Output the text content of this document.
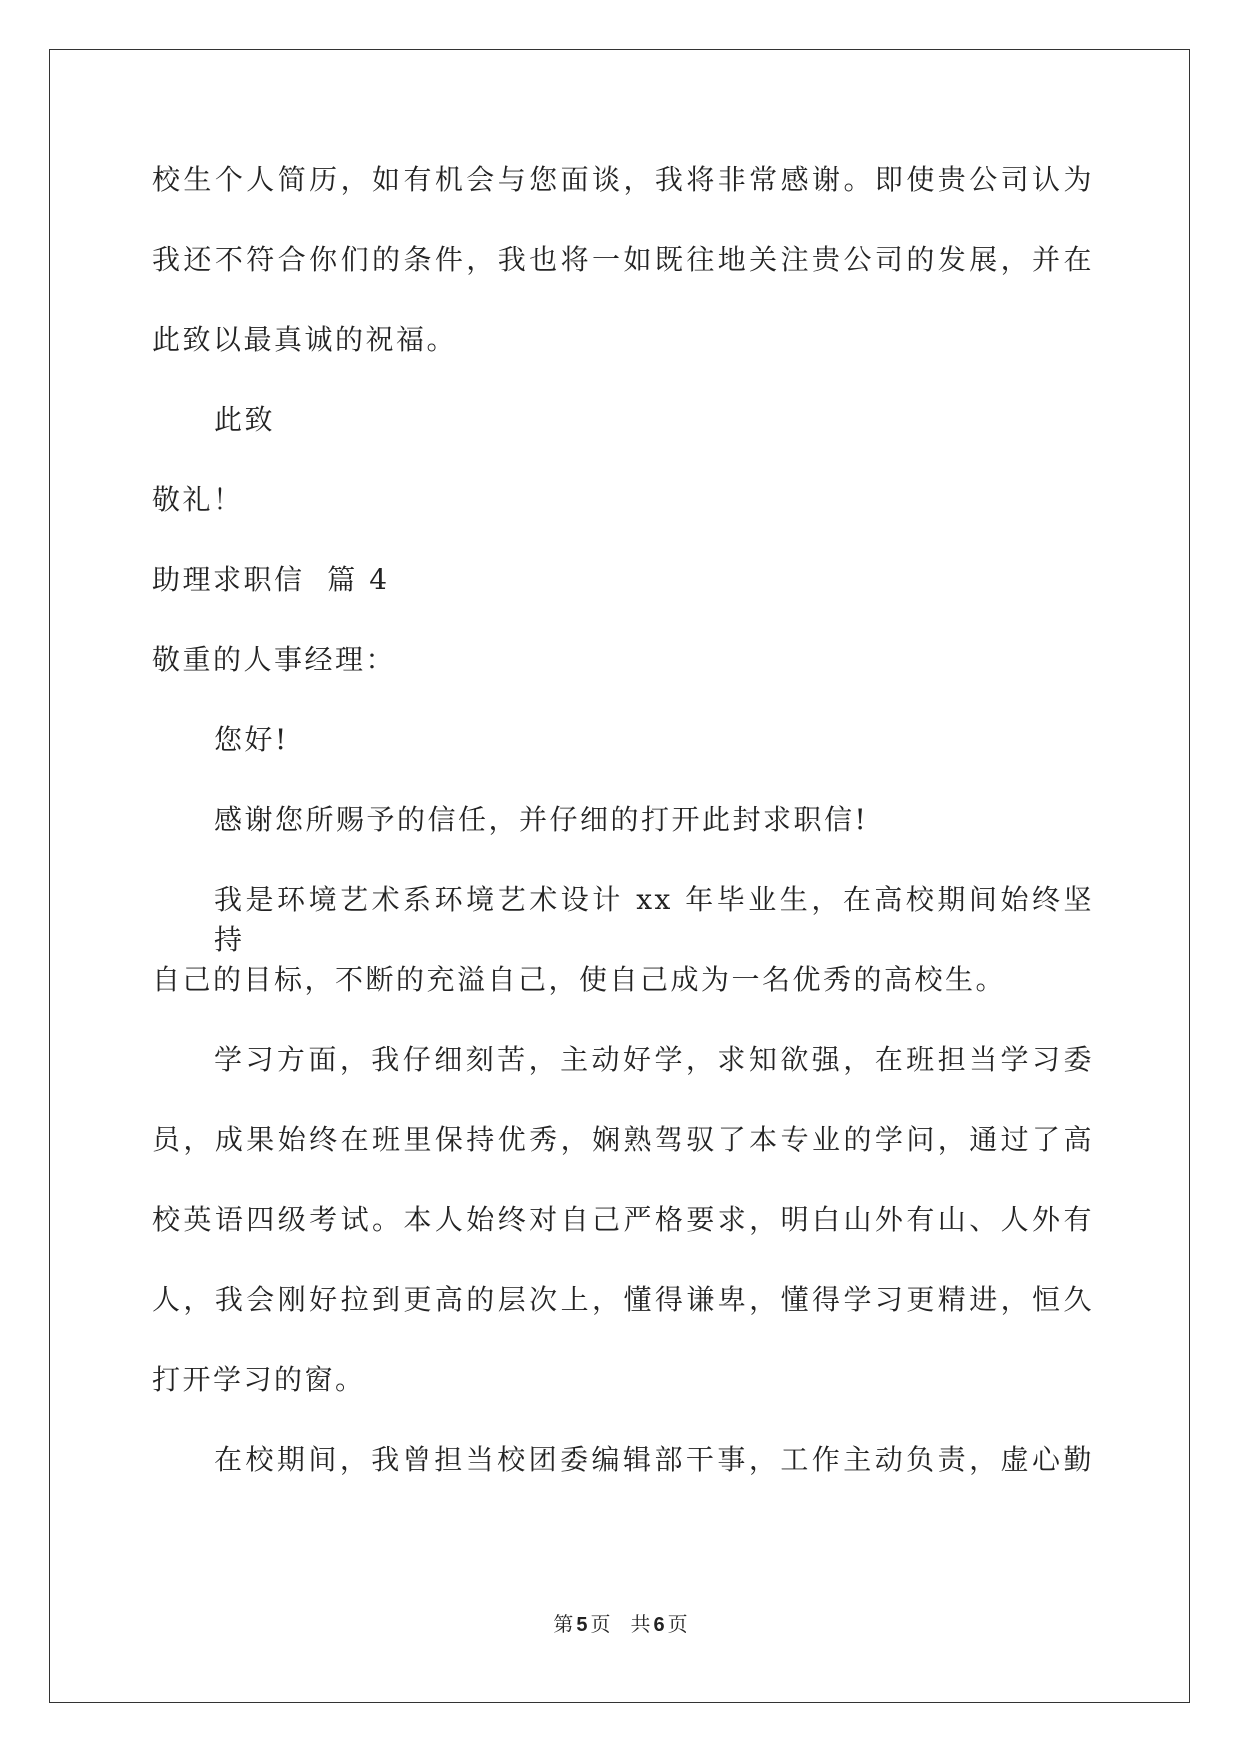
校生个人简历，如有机会与您面谈，我将非常感谢。即使贵公司认为
我还不符合你们的条件，我也将一如既往地关注贵公司的发展，并在
此致以最真诚的祝福。
此致
敬礼！
助理求职信  篇 4
敬重的人事经理：
您好!
感谢您所赐予的信任，并仔细的打开此封求职信!
我是环境艺术系环境艺术设计 xx 年毕业生，在高校期间始终坚持
自己的目标，不断的充溢自己，使自己成为一名优秀的高校生。
学习方面，我仔细刻苦，主动好学，求知欲强，在班担当学习委
员，成果始终在班里保持优秀，娴熟驾驭了本专业的学问，通过了高
校英语四级考试。本人始终对自己严格要求，明白山外有山、人外有
人，我会刚好拉到更高的层次上，懂得谦卑，懂得学习更精进，恒久
打开学习的窗。
在校期间，我曾担当校团委编辑部干事，工作主动负责，虚心勤
第 5 页 共 6 页
